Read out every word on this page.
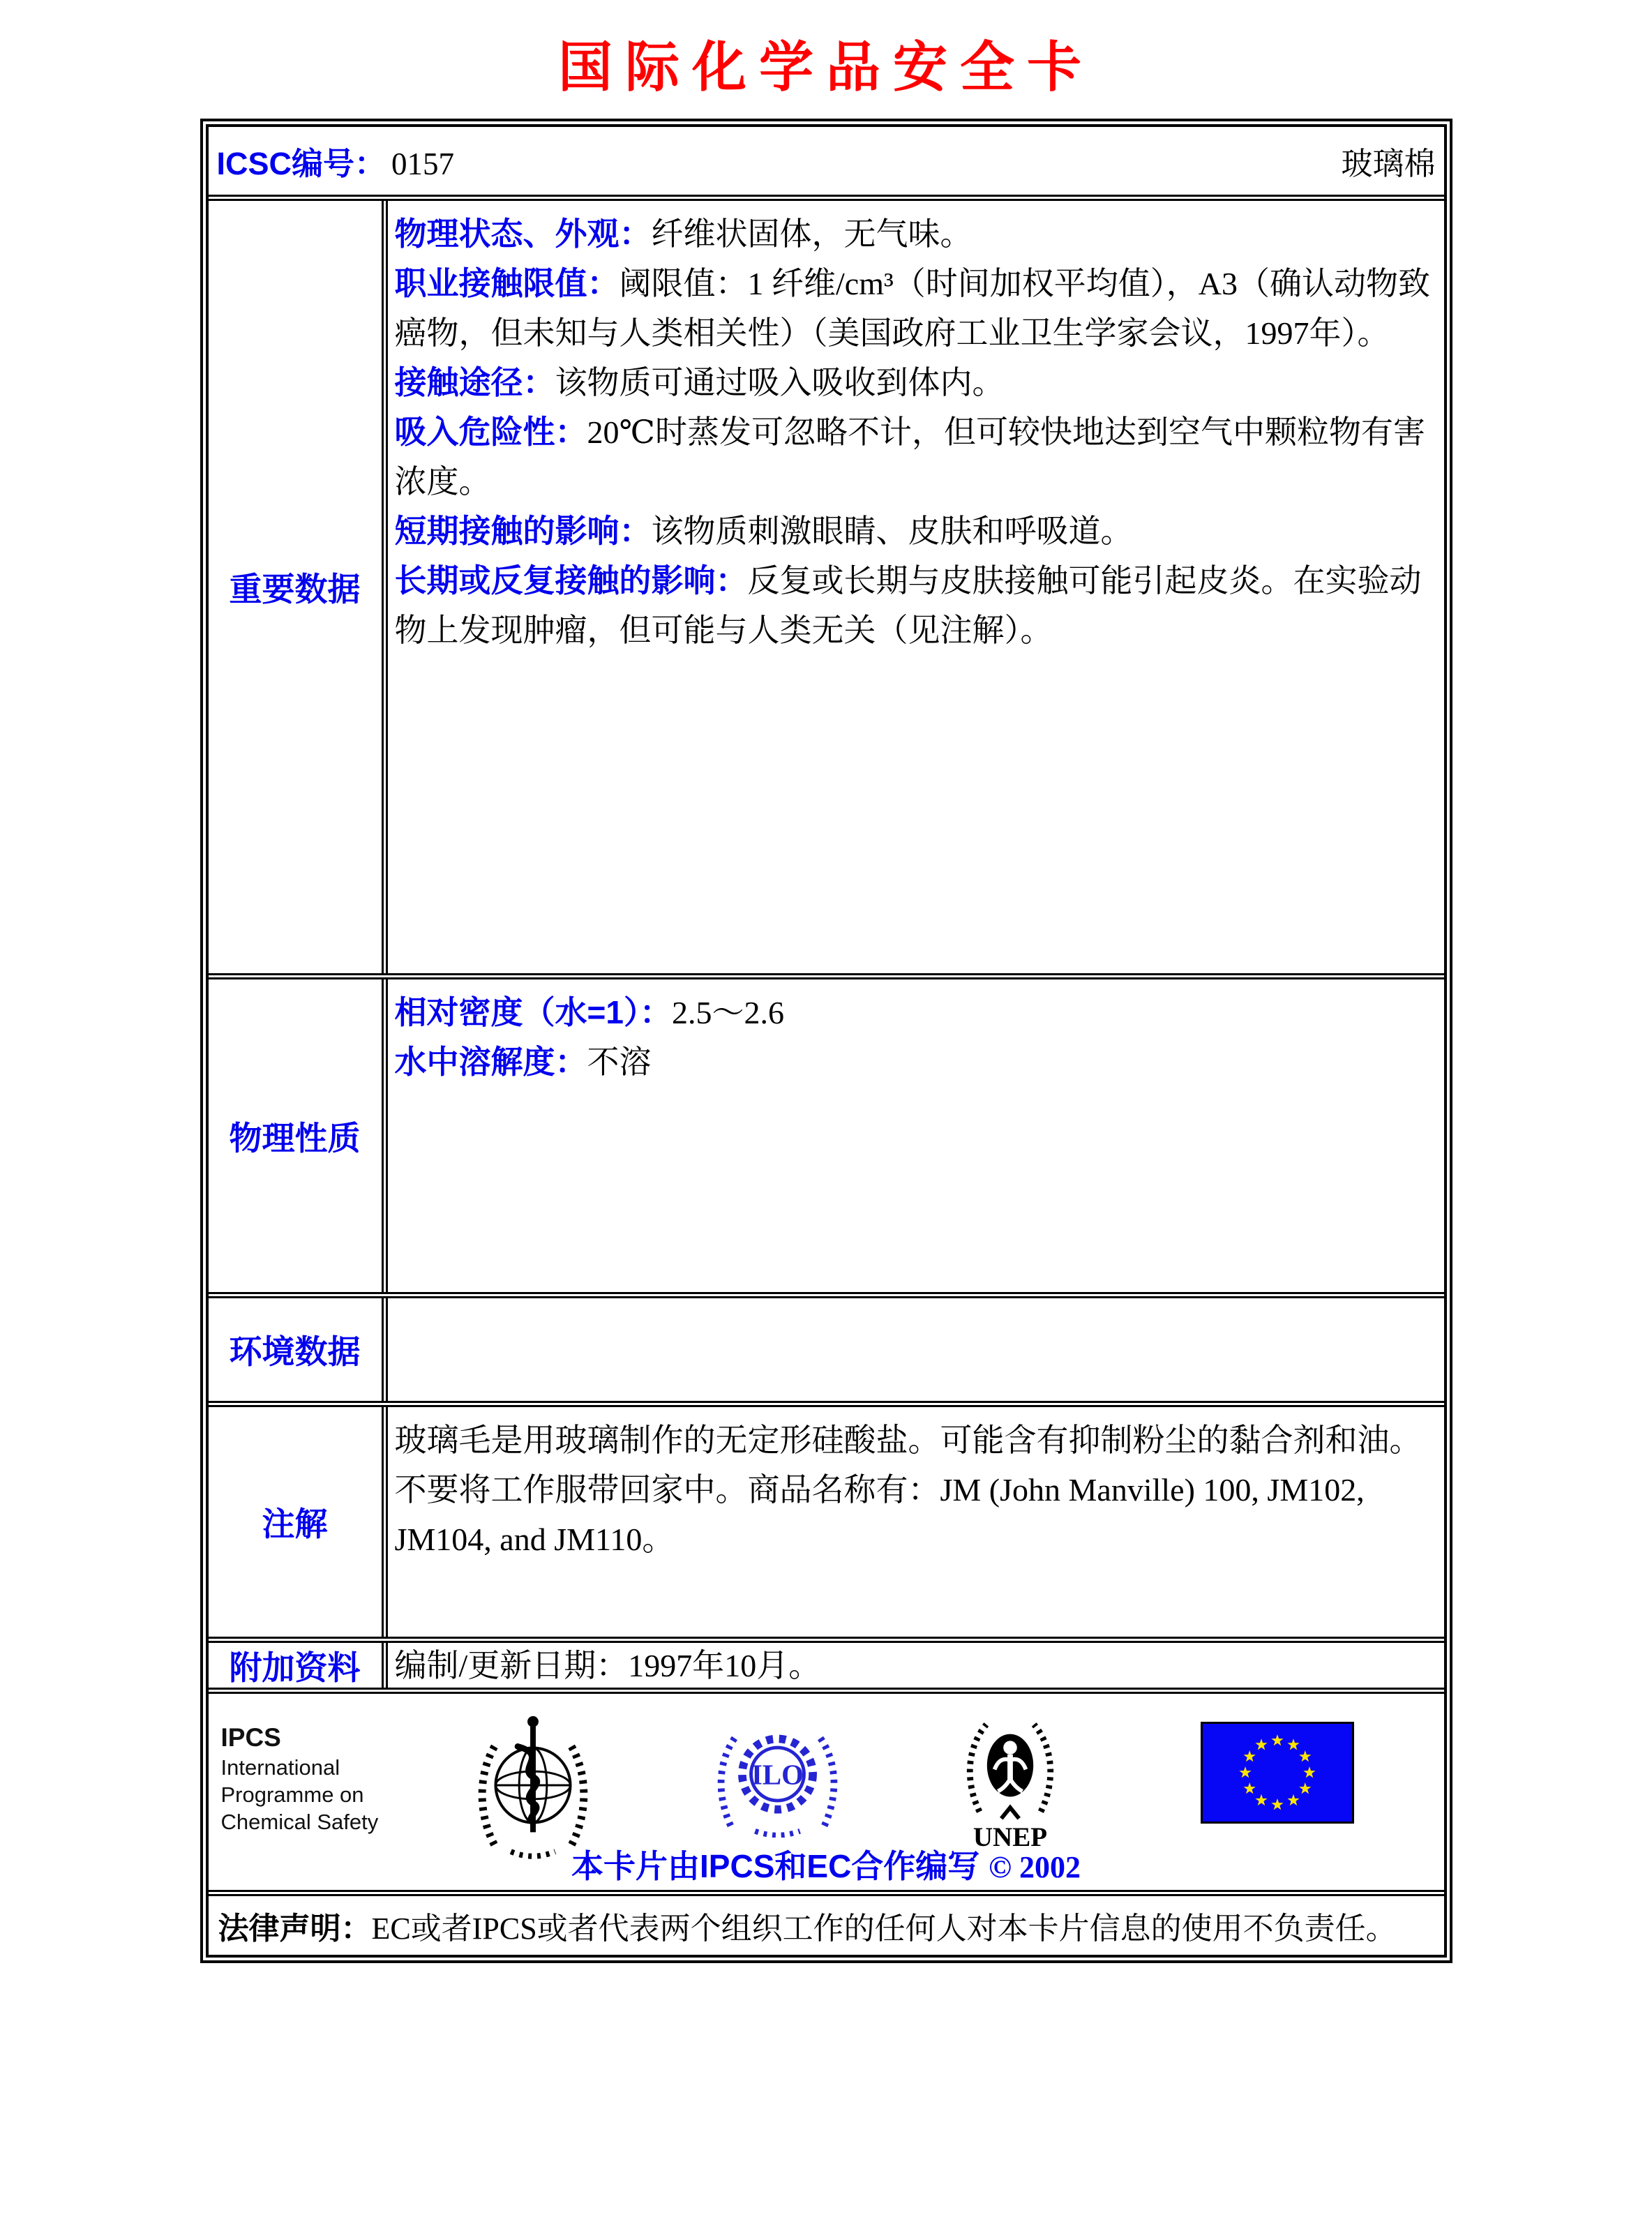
国际化学品安全卡
ICSC编号： 0157	玻璃棉
重要数据

物理状态、外观：纤维状固体，无气味。

职业接触限值：阈限值：1 纤维/cm³（时间加权平均值），A3（确认动物致癌物，但未知与人类相关性）（美国政府工业卫生学家会议，1997年）。

接触途径：该物质可通过吸入吸收到体内。

吸入危险性：20℃时蒸发可忽略不计，但可较快地达到空气中颗粒物有害浓度。

短期接触的影响：该物质刺激眼睛、皮肤和呼吸道。

长期或反复接触的影响：反复或长期与皮肤接触可能引起皮炎。在实验动物上发现肿瘤，但可能与人类无关（见注解）。

物理性质

相对密度（水=1）：2.5～2.6

水中溶解度：不溶

环境数据
注解

玻璃毛是用玻璃制作的无定形硅酸盐。可能含有抑制粉尘的黏合剂和油。不要将工作服带回家中。商品名称有：JM (John Manville) 100, JM102, JM104, and JM110。

附加资料	编制/更新日期：1997年10月。
IPCS
International
Programme on
Chemical Safety
ILO
UNEP
本卡片由IPCS和EC合作编写 © 2002
法律声明： EC或者IPCS或者代表两个组织工作的任何人对本卡片信息的使用不负责任。
